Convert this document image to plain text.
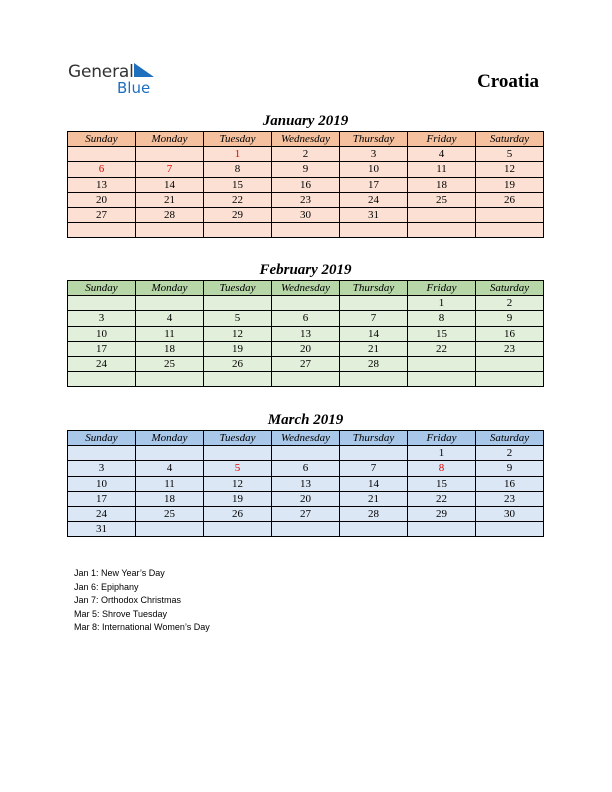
General
Blue	Croatia
January 2019
Sunday	Monday	Tuesday	Wednesday	Thursday	Friday	Saturday
		1	2	3	4	5
6	7	8	9	10	11	12
13	14	15	16	17	18	19
20	21	22	23	24	25	26
27	28	29	30	31		

February 2019
Sunday	Monday	Tuesday	Wednesday	Thursday	Friday	Saturday
					1	2
3	4	5	6	7	8	9
10	11	12	13	14	15	16
17	18	19	20	21	22	23
24	25	26	27	28		

March 2019
Sunday	Monday	Tuesday	Wednesday	Thursday	Friday	Saturday
					1	2
3	4	5	6	7	8	9
10	11	12	13	14	15	16
17	18	19	20	21	22	23
24	25	26	27	28	29	30
31						
Jan 1: New Year’s Day
Jan 6: Epiphany
Jan 7: Orthodox Christmas
Mar 5: Shrove Tuesday
Mar 8: International Women’s Day
